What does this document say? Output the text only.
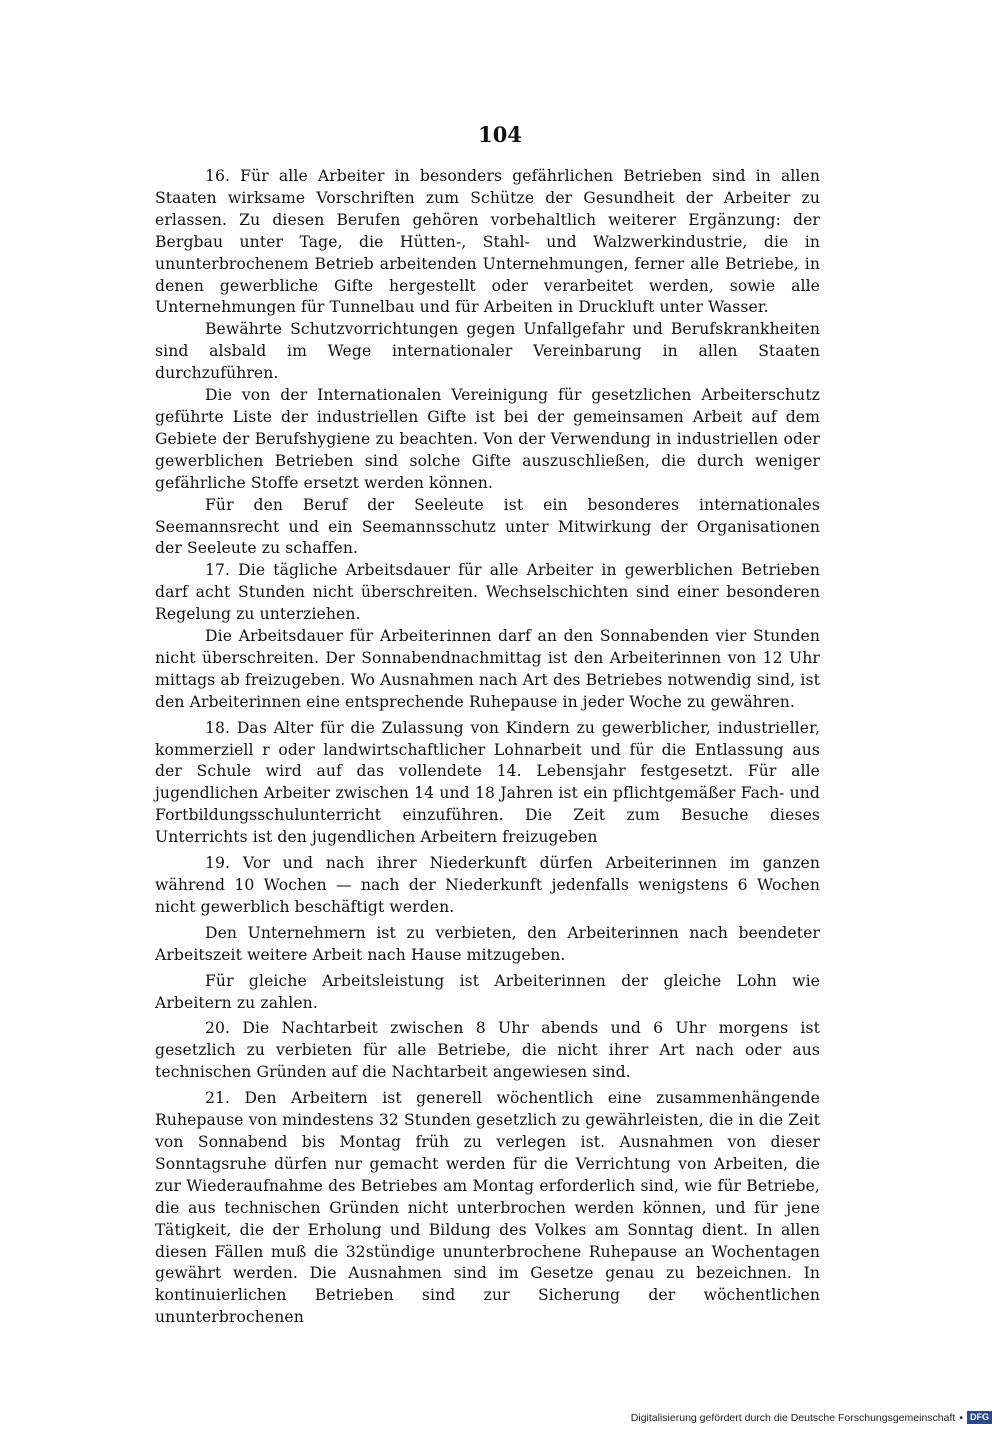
104

16. Für alle Arbeiter in besonders gefährlichen Betrieben sind in allen Staaten wirksame Vorschriften zum Schütze der Gesundheit der Arbeiter zu erlassen. Zu diesen Berufen gehören vorbehaltlich weiterer Ergänzung: der Bergbau unter Tage, die Hütten-, Stahl- und Walzwerkindustrie, die in ununterbrochenem Betrieb arbeitenden Unternehmungen, ferner alle Betriebe, in denen gewerbliche Gifte hergestellt oder verarbeitet werden, sowie alle Unternehmungen für Tunnelbau und für Arbeiten in Druckluft unter Wasser.

Bewährte Schutzvorrichtungen gegen Unfallgefahr und Berufskrankheiten sind alsbald im Wege internationaler Vereinbarung in allen Staaten durchzuführen.

Die von der Internationalen Vereinigung für gesetzlichen Arbeiterschutz geführte Liste der industriellen Gifte ist bei der gemeinsamen Arbeit auf dem Gebiete der Berufshygiene zu beachten. Von der Verwendung in industriellen oder gewerblichen Betrieben sind solche Gifte auszuschließen, die durch weniger gefährliche Stoffe ersetzt werden können.

Für den Beruf der Seeleute ist ein besonderes internationales Seemannsrecht und ein Seemannsschutz unter Mitwirkung der Organisationen der Seeleute zu schaffen.

17. Die tägliche Arbeitsdauer für alle Arbeiter in gewerblichen Betrieben darf acht Stunden nicht überschreiten. Wechselschichten sind einer besonderen Regelung zu unterziehen.

Die Arbeitsdauer für Arbeiterinnen darf an den Sonnabenden vier Stunden nicht überschreiten. Der Sonnabendnachmittag ist den Arbeiterinnen von 12 Uhr mittags ab freizugeben. Wo Ausnahmen nach Art des Betriebes notwendig sind, ist den Arbeiterinnen eine entsprechende Ruhepause in jeder Woche zu gewähren.

18. Das Alter für die Zulassung von Kindern zu gewerblicher, industrieller, kommerziell r oder landwirtschaftlicher Lohnarbeit und für die Entlassung aus der Schule wird auf das vollendete 14. Lebensjahr festgesetzt. Für alle jugendlichen Arbeiter zwischen 14 und 18 Jahren ist ein pflichtgemäßer Fach- und Fortbildungsschulunterricht einzuführen. Die Zeit zum Besuche dieses Unterrichts ist den jugendlichen Arbeitern freizugeben

19. Vor und nach ihrer Niederkunft dürfen Arbeiterinnen im ganzen während 10 Wochen — nach der Niederkunft jedenfalls wenigstens 6 Wochen nicht gewerblich beschäftigt werden.

Den Unternehmern ist zu verbieten, den Arbeiterinnen nach beendeter Arbeitszeit weitere Arbeit nach Hause mitzugeben.

Für gleiche Arbeitsleistung ist Arbeiterinnen der gleiche Lohn wie Arbeitern zu zahlen.

20. Die Nachtarbeit zwischen 8 Uhr abends und 6 Uhr morgens ist gesetzlich zu verbieten für alle Betriebe, die nicht ihrer Art nach oder aus technischen Gründen auf die Nachtarbeit angewiesen sind.

21. Den Arbeitern ist generell wöchentlich eine zusammenhängende Ruhepause von mindestens 32 Stunden gesetzlich zu gewährleisten, die in die Zeit von Sonnabend bis Montag früh zu verlegen ist. Ausnahmen von dieser Sonntagsruhe dürfen nur gemacht werden für die Verrichtung von Arbeiten, die zur Wiederaufnahme des Betriebes am Montag erforderlich sind, wie für Betriebe, die aus technischen Gründen nicht unterbrochen werden können, und für jene Tätigkeit, die der Erholung und Bildung des Volkes am Sonntag dient. In allen diesen Fällen muß die 32stündige ununterbrochene Ruhepause an Wochentagen gewährt werden. Die Ausnahmen sind im Gesetze genau zu bezeichnen. In kontinuierlichen Betrieben sind zur Sicherung der wöchentlichen ununterbrochenen

Digitalisierung gefördert durch die Deutsche Forschungsgemeinschaft • DFG
